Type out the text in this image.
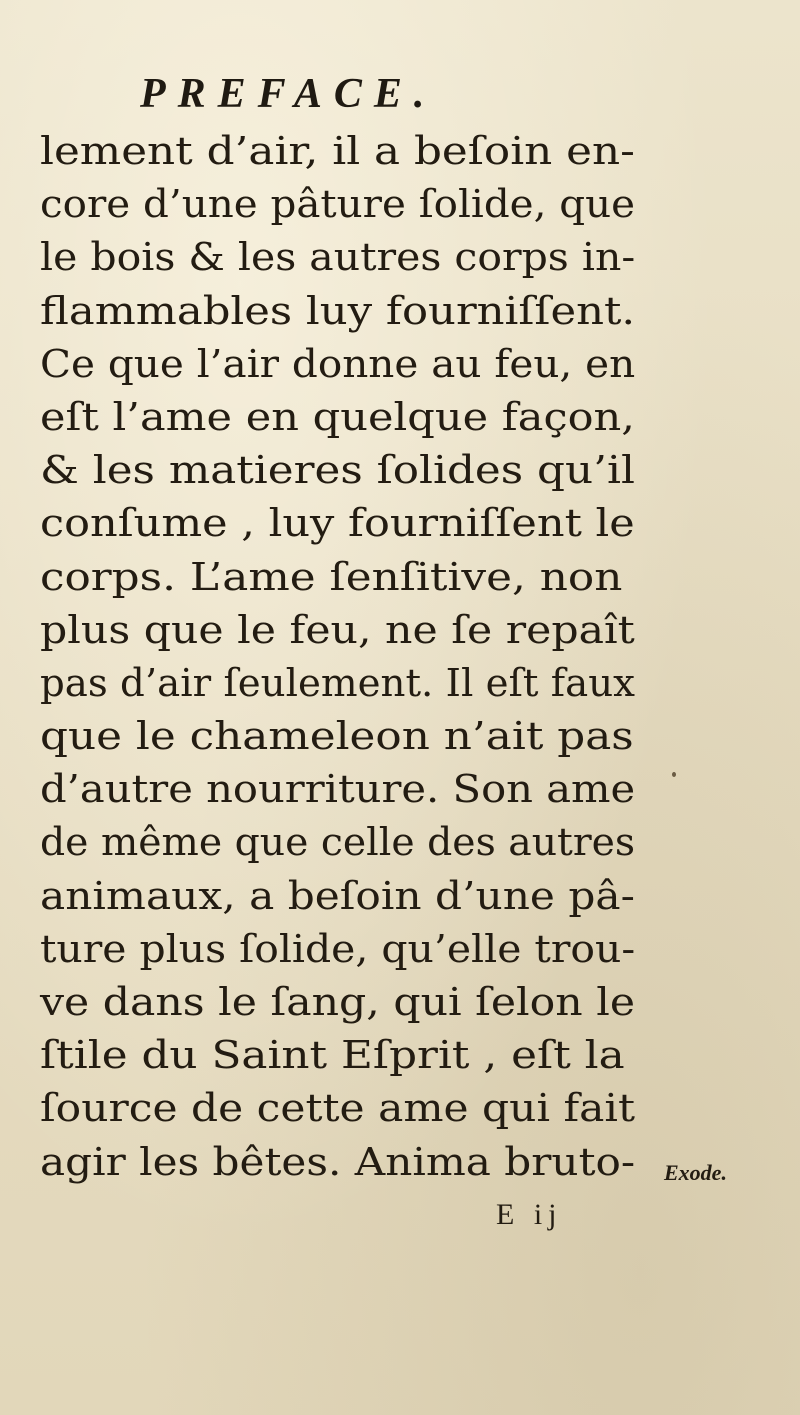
PREFACE.
lement d’air, il a beſoin en-
core d’une pâture ſolide, que
le bois & les autres corps in-
flammables luy fourniſſent.
Ce que l’air donne au feu, en
eſt l’ame en quelque façon,
& les matieres ſolides qu’il
conſume , luy fourniſſent le
corps. L’ame ſenſitive, non
plus que le feu, ne ſe repaît
pas d’air ſeulement. Il eſt faux
que le chameleon n’ait pas
d’autre nourriture. Son ame
de même que celle des autres
animaux, a beſoin d’une pâ-
ture plus ſolide, qu’elle trou-
ve dans le ſang, qui ſelon le
ſtile du Saint Eſprit , eſt la
ſource de cette ame qui fait
agir les bêtes. Anima bruto- Exode.
E ij
